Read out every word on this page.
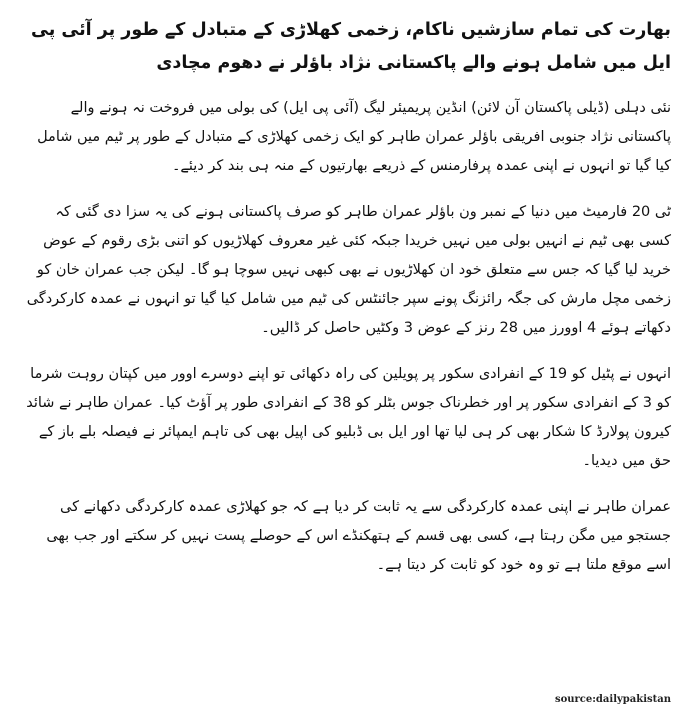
بھارت کی تمام سازشیں ناکام، زخمی کھلاڑی کے متبادل کے طور پر آئی پی ایل میں شامل ہونے والے پاکستانی نژاد باؤلر نے دھوم مچادی

نئی دہلی (ڈیلی پاکستان آن لائن) انڈین پریمیئر لیگ (آئی پی ایل) کی بولی میں فروخت نہ ہونے والے پاکستانی نژاد جنوبی افریقی باؤلر عمران طاہر کو ایک زخمی کھلاڑی کے متبادل کے طور پر ٹیم میں شامل کیا گیا تو انہوں نے اپنی عمدہ پرفارمنس کے ذریعے بھارتیوں کے منہ ہی بند کر دیئے۔

ٹی 20 فارمیٹ میں دنیا کے نمبر ون باؤلر عمران طاہر کو صرف پاکستانی ہونے کی یہ سزا دی گئی کہ کسی بھی ٹیم نے انہیں بولی میں نہیں خریدا جبکہ کئی غیر معروف کھلاڑیوں کو اتنی بڑی رقوم کے عوض خرید لیا گیا کہ جس سے متعلق خود ان کھلاڑیوں نے بھی کبھی نہیں سوچا ہو گا۔ لیکن جب عمران خان کو زخمی مچل مارش کی جگہ رائزنگ پونے سپر جائنٹس کی ٹیم میں شامل کیا گیا تو انہوں نے عمدہ کارکردگی دکھاتے ہوئے 4 اوورز میں 28 رنز کے عوض 3 وکٹیں حاصل کر ڈالیں۔

انہوں نے پٹیل کو 19 کے انفرادی سکور پر پویلین کی راہ دکھائی تو اپنے دوسرے اوور میں کپتان روہت شرما کو 3 کے انفرادی سکور پر اور خطرناک جوس بٹلر کو 38 کے انفرادی طور پر آؤٹ کیا۔ عمران طاہر نے شائد کیرون پولارڈ کا شکار بھی کر ہی لیا تھا اور ایل بی ڈبلیو کی اپیل بھی کی تاہم ایمپائر نے فیصلہ بلے باز کے حق میں دیدیا۔

عمران طاہر نے اپنی عمدہ کارکردگی سے یہ ثابت کر دیا ہے کہ جو کھلاڑی عمدہ کارکردگی دکھانے کی جستجو میں مگن رہتا ہے، کسی بھی قسم کے ہتھکنڈے اس کے حوصلے پست نہیں کر سکتے اور جب بھی اسے موقع ملتا ہے تو وہ خود کو ثابت کر دیتا ہے۔

source:dailypakistan
